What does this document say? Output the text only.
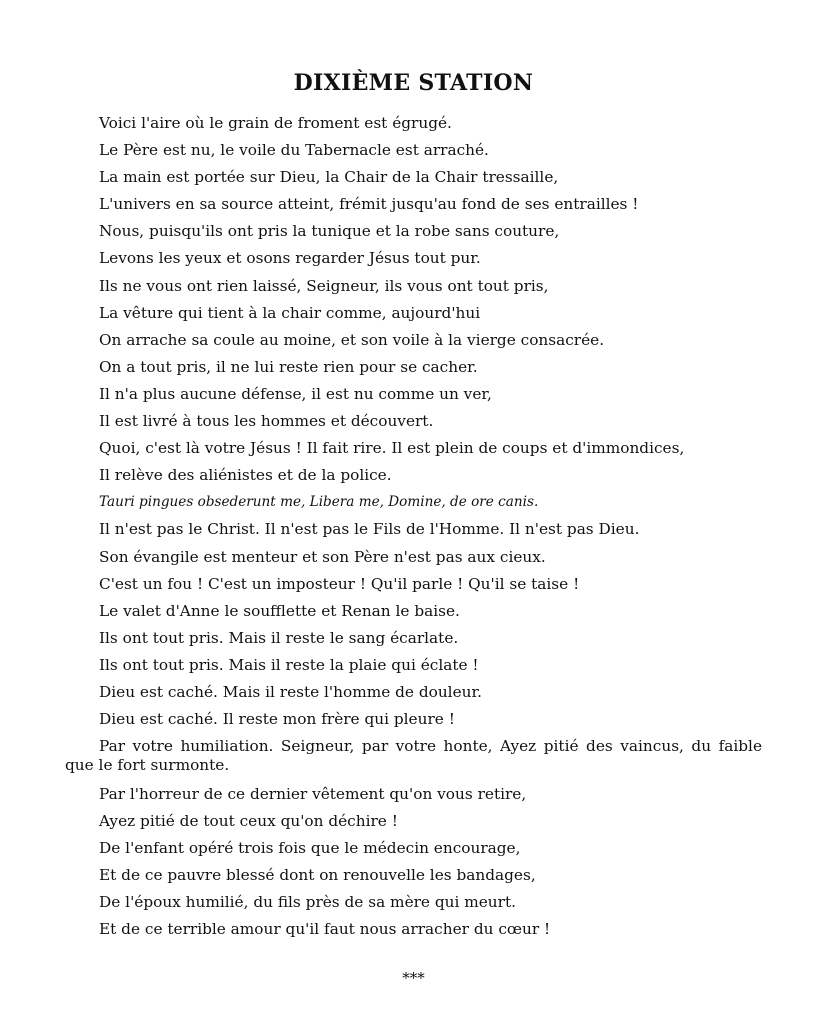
DIXIÈME STATION
Voici l'aire où le grain de froment est égrugé.
Le Père est nu, le voile du Tabernacle est arraché.
La main est portée sur Dieu, la Chair de la Chair tressaille,
L'univers en sa source atteint, frémit jusqu'au fond de ses entrailles !
Nous, puisqu'ils ont pris la tunique et la robe sans couture,
Levons les yeux et osons regarder Jésus tout pur.
Ils ne vous ont rien laissé, Seigneur, ils vous ont tout pris,
La vêture qui tient à la chair comme, aujourd'hui
On arrache sa coule au moine, et son voile à la vierge consacrée.
On a tout pris, il ne lui reste rien pour se cacher.
Il n'a plus aucune défense, il est nu comme un ver,
Il est livré à tous les hommes et découvert.
Quoi, c'est là votre Jésus ! Il fait rire. Il est plein de coups et d'immondices,
Il relève des aliénistes et de la police.
Tauri pingues obsederunt me, Libera me, Domine, de ore canis.
Il n'est pas le Christ. Il n'est pas le Fils de l'Homme. Il n'est pas Dieu.
Son évangile est menteur et son Père n'est pas aux cieux.
C'est un fou ! C'est un imposteur ! Qu'il parle ! Qu'il se taise !
Le valet d'Anne le soufflette et Renan le baise.
Ils ont tout pris. Mais il reste le sang écarlate.
Ils ont tout pris. Mais il reste la plaie qui éclate !
Dieu est caché. Mais il reste l'homme de douleur.
Dieu est caché. Il reste mon frère qui pleure !
Par votre humiliation. Seigneur, par votre honte, Ayez pitié des vaincus, du faible que le fort surmonte.
Par l'horreur de ce dernier vêtement qu'on vous retire,
Ayez pitié de tout ceux qu'on déchire !
De l'enfant opéré trois fois que le médecin encourage,
Et de ce pauvre blessé dont on renouvelle les bandages,
De l'époux humilié, du fils près de sa mère qui meurt.
Et de ce terrible amour qu'il faut nous arracher du cœur !
***
